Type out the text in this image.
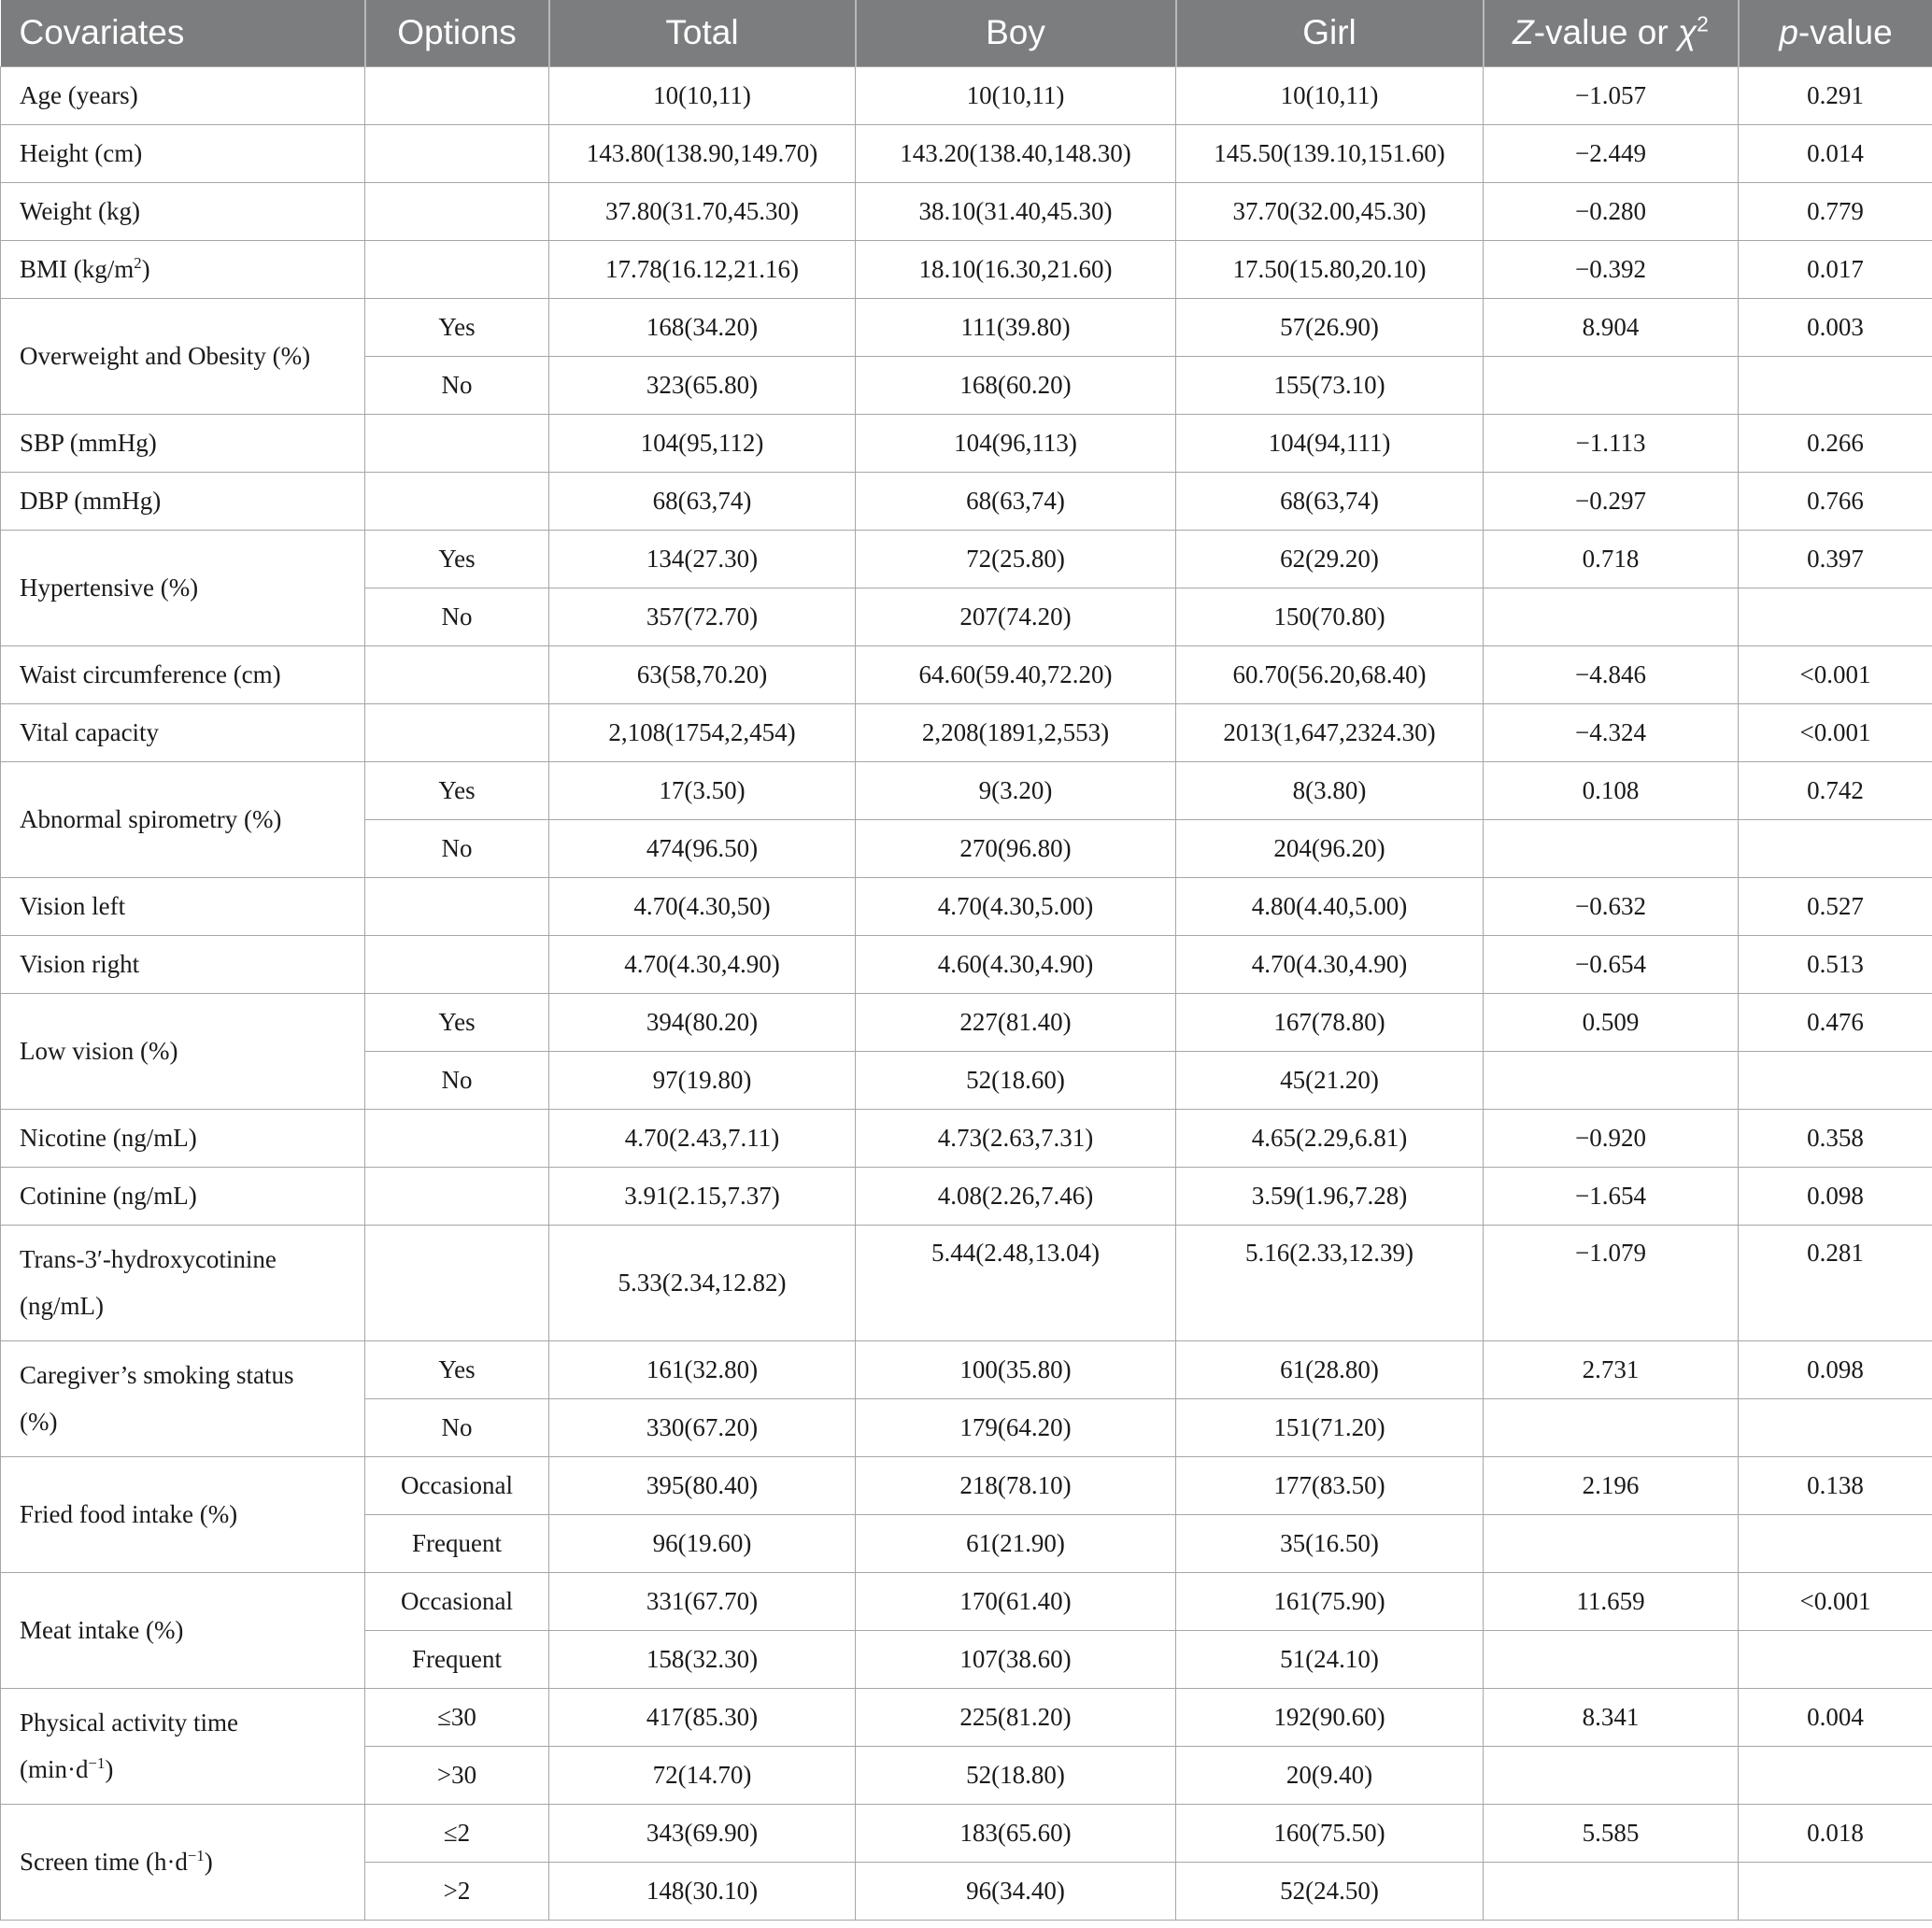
Covariates	Options	Total	Boy	Girl	Z-value or $\chi^2$	p-value
Age (years)		10(10,11)	10(10,11)	10(10,11)	−1.057	0.291
Height (cm)		143.80(138.90,149.70)	143.20(138.40,148.30)	145.50(139.10,151.60)	−2.449	0.014
Weight (kg)		37.80(31.70,45.30)	38.10(31.40,45.30)	37.70(32.00,45.30)	−0.280	0.779
BMI $(kg/m^2)$		17.78(16.12,21.16)	18.10(16.30,21.60)	17.50(15.80,20.10)	−0.392	0.017
Overweight and Obesity (%)	Yes	168(34.20)	111(39.80)	57(26.90)	8.904	0.003
	No	323(65.80)	168(60.20)	155(73.10)		
SBP (mmHg)		104(95,112)	104(96,113)	104(94,111)	−1.113	0.266
DBP (mmHg)		68(63,74)	68(63,74)	68(63,74)	−0.297	0.766
Hypertensive (%)	Yes	134(27.30)	72(25.80)	62(29.20)	0.718	0.397
	No	357(72.70)	207(74.20)	150(70.80)		
Waist circumference (cm)		63(58,70.20)	64.60(59.40,72.20)	60.70(56.20,68.40)	−4.846	<0.001
Vital capacity		2,108(1754,2,454)	2,208(1891,2,553)	2013(1,647,2324.30)	−4.324	<0.001
Abnormal spirometry (%)	Yes	17(3.50)	9(3.20)	8(3.80)	0.108	0.742
	No	474(96.50)	270(96.80)	204(96.20)		
Vision left		4.70(4.30,50)	4.70(4.30,5.00)	4.80(4.40,5.00)	−0.632	0.527
Vision right		4.70(4.30,4.90)	4.60(4.30,4.90)	4.70(4.30,4.90)	−0.654	0.513
Low vision (%)	Yes	394(80.20)	227(81.40)	167(78.80)	0.509	0.476
	No	97(19.80)	52(18.60)	45(21.20)		
Nicotine (ng/mL)		4.70(2.43,7.11)	4.73(2.63,7.31)	4.65(2.29,6.81)	−0.920	0.358
Cotinine (ng/mL)		3.91(2.15,7.37)	4.08(2.26,7.46)	3.59(1.96,7.28)	−1.654	0.098
Trans-3′-hydroxycotinine
(ng/mL)		5.33(2.34,12.82)	5.44(2.48,13.04)	5.16(2.33,12.39)	−1.079	0.281
Caregiver’s smoking status
(%)	Yes	161(32.80)	100(35.80)	61(28.80)	2.731	0.098
	No	330(67.20)	179(64.20)	151(71.20)		
Fried food intake (%)	Occasional	395(80.40)	218(78.10)	177(83.50)	2.196	0.138
	Frequent	96(19.60)	61(21.90)	35(16.50)		
Meat intake (%)	Occasional	331(67.70)	170(61.40)	161(75.90)	11.659	<0.001
	Frequent	158(32.30)	107(38.60)	51(24.10)		
Physical activity time
$(\min\cdot d^{-1})$	≤30	417(85.30)	225(81.20)	192(90.60)	8.341	0.004
	>30	72(14.70)	52(18.80)	20(9.40)		
Screen time $(h\cdot d^{-1})$	≤2	343(69.90)	183(65.60)	160(75.50)	5.585	0.018
	>2	148(30.10)	96(34.40)	52(24.50)		
